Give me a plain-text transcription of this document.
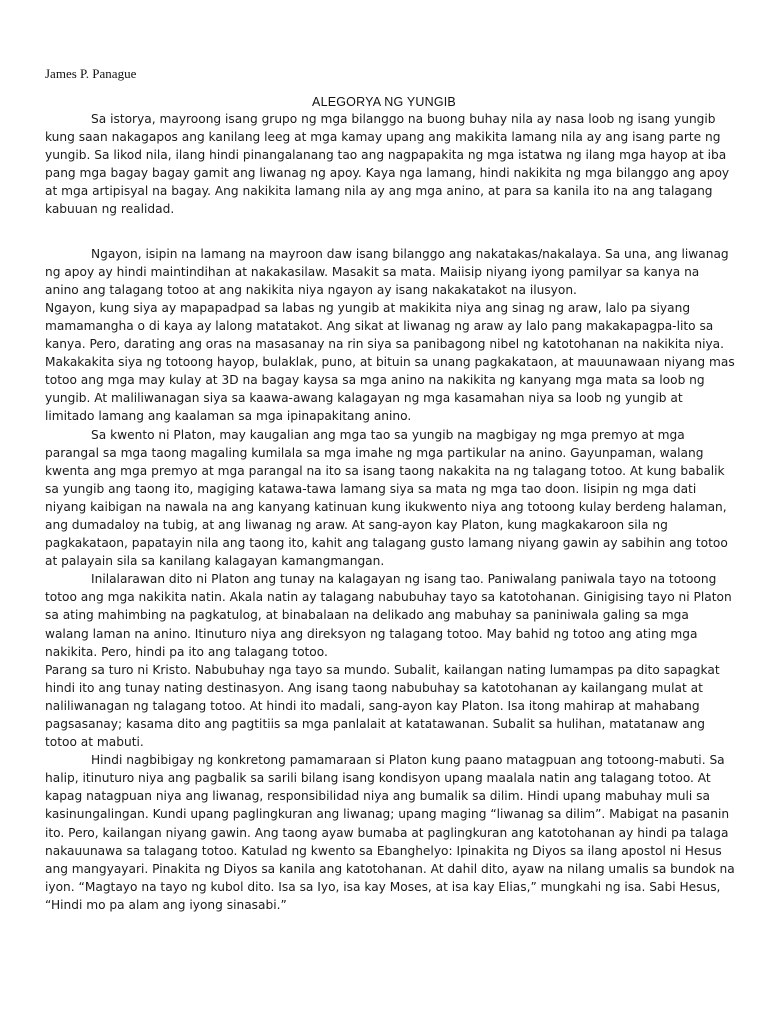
James P. Panague
ALEGORYA NG YUNGIB

Sa istorya, mayroong isang grupo ng mga bilanggo na buong buhay nila ay nasa loob ng isang yungib kung saan nakagapos ang kanilang leeg at mga kamay upang ang makikita lamang nila ay ang isang parte ng yungib. Sa likod nila, ilang hindi pinangalanang tao ang nagpapakita ng mga istatwa ng ilang mga hayop at iba pang mga bagay bagay gamit ang liwanag ng apoy. Kaya nga lamang, hindi nakikita ng mga bilanggo ang apoy at mga artipisyal na bagay. Ang nakikita lamang nila ay ang mga anino, at para sa kanila ito na ang talagang kabuuan ng realidad.

Ngayon, isipin na lamang na mayroon daw isang bilanggo ang nakatakas/nakalaya. Sa una, ang liwanag ng apoy ay hindi maintindihan at nakakasilaw. Masakit sa mata. Maiisip niyang iyong pamilyar sa kanya na anino ang talagang totoo at ang nakikita niya ngayon ay isang nakakatakot na ilusyon.

Ngayon, kung siya ay mapapadpad sa labas ng yungib at makikita niya ang sinag ng araw, lalo pa siyang mamamangha o di kaya ay lalong matatakot. Ang sikat at liwanag ng araw ay lalo pang makakapagpa-lito sa kanya. Pero, darating ang oras na masasanay na rin siya sa panibagong nibel ng katotohanan na nakikita niya. Makakakita siya ng totoong hayop, bulaklak, puno, at bituin sa unang pagkakataon, at mauunawaan niyang mas totoo ang mga may kulay at 3D na bagay kaysa sa mga anino na nakikita ng kanyang mga mata sa loob ng yungib. At maliliwanagan siya sa kaawa-awang kalagayan ng mga kasamahan niya sa loob ng yungib at limitado lamang ang kaalaman sa mga ipinapakitang anino.

Sa kwento ni Platon, may kaugalian ang mga tao sa yungib na magbigay ng mga premyo at mga parangal sa mga taong magaling kumilala sa mga imahe ng mga partikular na anino. Gayunpaman, walang kwenta ang mga premyo at mga parangal na ito sa isang taong nakakita na ng talagang totoo. At kung babalik sa yungib ang taong ito, magiging katawa-tawa lamang siya sa mata ng mga tao doon. Iisipin ng mga dati niyang kaibigan na nawala na ang kanyang katinuan kung ikukwento niya ang totoong kulay berdeng halaman, ang dumadaloy na tubig, at ang liwanag ng araw. At sang-ayon kay Platon, kung magkakaroon sila ng pagkakataon, papatayin nila ang taong ito, kahit ang talagang gusto lamang niyang gawin ay sabihin ang totoo at palayain sila sa kanilang kalagayan kamangmangan.

Inilalarawan dito ni Platon ang tunay na kalagayan ng isang tao. Paniwalang paniwala tayo na totoong totoo ang mga nakikita natin. Akala natin ay talagang nabubuhay tayo sa katotohanan. Ginigising tayo ni Platon sa ating mahimbing na pagkatulog, at binabalaan na delikado ang mabuhay sa paniniwala galing sa mga walang laman na anino. Itinuturo niya ang direksyon ng talagang totoo. May bahid ng totoo ang ating mga nakikita. Pero, hindi pa ito ang talagang totoo.

Parang sa turo ni Kristo. Nabubuhay nga tayo sa mundo. Subalit, kailangan nating lumampas pa dito sapagkat hindi ito ang tunay nating destinasyon. Ang isang taong nabubuhay sa katotohanan ay kailangang mulat at naliliwanagan ng talagang totoo. At hindi ito madali, sang-ayon kay Platon. Isa itong mahirap at mahabang pagsasanay; kasama dito ang pagtitiis sa mga panlalait at katatawanan. Subalit sa hulihan, matatanaw ang totoo at mabuti.

Hindi nagbibigay ng konkretong pamamaraan si Platon kung paano matagpuan ang totoong-mabuti. Sa halip, itinuturo niya ang pagbalik sa sarili bilang isang kondisyon upang maalala natin ang talagang totoo. At kapag natagpuan niya ang liwanag, responsibilidad niya ang bumalik sa dilim. Hindi upang mabuhay muli sa kasinungalingan. Kundi upang paglingkuran ang liwanag; upang maging “liwanag sa dilim”. Mabigat na pasanin ito. Pero, kailangan niyang gawin. Ang taong ayaw bumaba at paglingkuran ang katotohanan ay hindi pa talaga nakauunawa sa talagang totoo. Katulad ng kwento sa Ebanghelyo: Ipinakita ng Diyos sa ilang apostol ni Hesus ang mangyayari. Pinakita ng Diyos sa kanila ang katotohanan. At dahil dito, ayaw na nilang umalis sa bundok na iyon. “Magtayo na tayo ng kubol dito. Isa sa Iyo, isa kay Moses, at isa kay Elias,” mungkahi ng isa. Sabi Hesus, “Hindi mo pa alam ang iyong sinasabi.”
